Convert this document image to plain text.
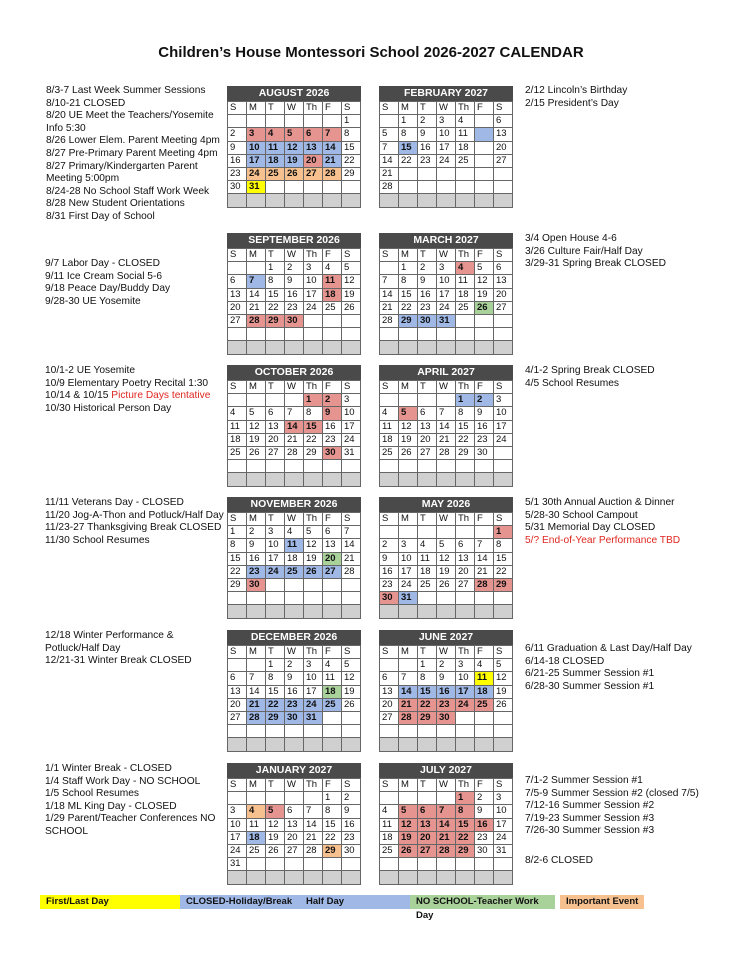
Children’s House Montessori School 2026-2027 CALENDAR
8/3-7 Last Week Summer Sessions
8/10-21 CLOSED
8/20 UE Meet the Teachers/Yosemite Info 5:30
8/26 Lower Elem. Parent Meeting 4pm
8/27 Pre-Primary Parent Meeting 4pm
8/27 Primary/Kindergarten Parent Meeting 5:00pm
8/24-28 No School Staff Work Week
8/28 New Student Orientations
8/31 First Day of School
9/7 Labor Day - CLOSED
9/11 Ice Cream Social 5-6
9/18 Peace Day/Buddy Day
9/28-30 UE Yosemite
10/1-2 UE Yosemite
10/9 Elementary Poetry Recital 1:30
10/14 & 10/15 Picture Days tentative
10/30 Historical Person Day
11/11 Veterans Day - CLOSED
11/20 Jog-A-Thon and Potluck/Half Day
11/23-27 Thanksgiving Break CLOSED
11/30 School Resumes
12/18 Winter Performance & Potluck/Half Day
12/21-31 Winter Break CLOSED
1/1 Winter Break - CLOSED
1/4 Staff Work Day - NO SCHOOL
1/5 School Resumes
1/18 ML King Day - CLOSED
1/29 Parent/Teacher Conferences NO SCHOOL
2/12 Lincoln’s Birthday
2/15 President’s Day
3/4 Open House 4-6
3/26 Culture Fair/Half Day
3/29-31 Spring Break CLOSED
4/1-2 Spring Break CLOSED
4/5 School Resumes
5/1 30th Annual Auction & Dinner
5/28-30 School Campout
5/31 Memorial Day CLOSED
5/? End-of-Year Performance TBD
6/11 Graduation & Last Day/Half Day
6/14-18 CLOSED
6/21-25 Summer Session #1
6/28-30 Summer Session #1
7/1-2 Summer Session #1
7/5-9 Summer Session #2 (closed 7/5)
7/12-16 Summer Session #2
7/19-23 Summer Session #3
7/26-30 Summer Session #3
8/2-6 CLOSED
AUGUST 2026
S	M	T	W	Th	F	S
						1
2	3	4	5	6	7	8
9	10	11	12	13	14	15
16	17	18	19	20	21	22
23	24	25	26	27	28	29
30	31					

FEBRUARY 2027
S	M	T	W	Th	F	S
	1	2	3	4		6
5	8	9	10	11		13
7	15	16	17	18		20
14	22	23	24	25		27
21						
28						

SEPTEMBER 2026
S	M	T	W	Th	F	S
		1	2	3	4	5
6	7	8	9	10	11	12
13	14	15	16	17	18	19
20	21	22	23	24	25	26
27	28	29	30			

MARCH 2027
S	M	T	W	Th	F	S
	1	2	3	4	5	6
7	8	9	10	11	12	13
14	15	16	17	18	19	20
21	22	23	24	25	26	27
28	29	30	31			

OCTOBER 2026
S	M	T	W	Th	F	S
				1	2	3
4	5	6	7	8	9	10
11	12	13	14	15	16	17
18	19	20	21	22	23	24
25	26	27	28	29	30	31

APRIL 2027
S	M	T	W	Th	F	S
				1	2	3
4	5	6	7	8	9	10
11	12	13	14	15	16	17
18	19	20	21	22	23	24
25	26	27	28	29	30	

NOVEMBER 2026
S	M	T	W	Th	F	S
1	2	3	4	5	6	7
8	9	10	11	12	13	14
15	16	17	18	19	20	21
22	23	24	25	26	27	28
29	30					

MAY 2026
S	M	T	W	Th	F	S
						1
2	3	4	5	6	7	8
9	10	11	12	13	14	15
16	17	18	19	20	21	22
23	24	25	26	27	28	29
30	31					

DECEMBER 2026
S	M	T	W	Th	F	S
		1	2	3	4	5
6	7	8	9	10	11	12
13	14	15	16	17	18	19
20	21	22	23	24	25	26
27	28	29	30	31		

JUNE 2027
S	M	T	W	Th	F	S
		1	2	3	4	5
6	7	8	9	10	11	12
13	14	15	16	17	18	19
20	21	22	23	24	25	26
27	28	29	30			

JANUARY 2027
S	M	T	W	Th	F	S
					1	2
3	4	5	6	7	8	9
10	11	12	13	14	15	16
17	18	19	20	21	22	23
24	25	26	27	28	29	30
31						

JULY 2027
S	M	T	W	Th	F	S
				1	2	3
4	5	6	7	8	9	10
11	12	13	14	15	16	17
18	19	20	21	22	23	24
25	26	27	28	29	30	31

First/Last Day	CLOSED-Holiday/Break	Half Day	NO SCHOOL-Teacher Work Day
Important Event
